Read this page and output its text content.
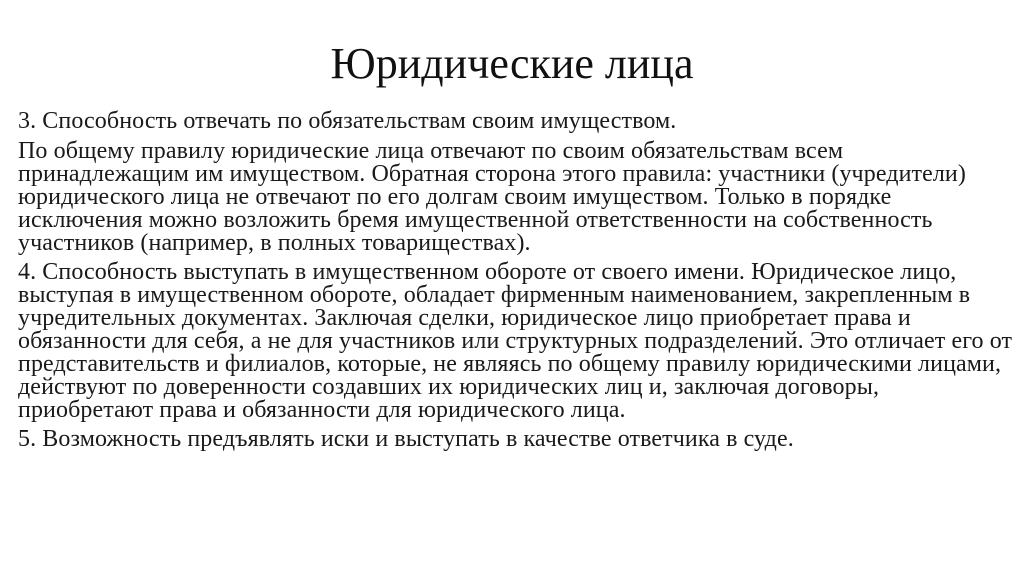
Юридические лица

3. Способность отвечать по обязательствам своим имуществом.

По общему правилу юридические лица отвечают по своим обязательствам всем принадлежащим им имуществом. Обратная сторона этого правила: участники (учредители) юридического лица не отвечают по его долгам своим имуществом. Только в порядке исключения можно возложить бремя имущественной ответственности на собственность участников (например, в полных товариществах).

4. Способность выступать в имущественном обороте от своего имени. Юридическое лицо, выступая в имущественном обороте, обладает фирменным наименованием, закрепленным в учредительных документах. Заключая сделки, юридическое лицо приобретает права и обязанности для себя, а не для участников или структурных подразделений. Это отличает его от представительств и филиалов, которые, не являясь по общему правилу юридическими лицами, действуют по доверенности создавших их юридических лиц и, заключая договоры, приобретают права и обязанности для юридического лица.

5. Возможность предъявлять иски и выступать в качестве ответчика в суде.
